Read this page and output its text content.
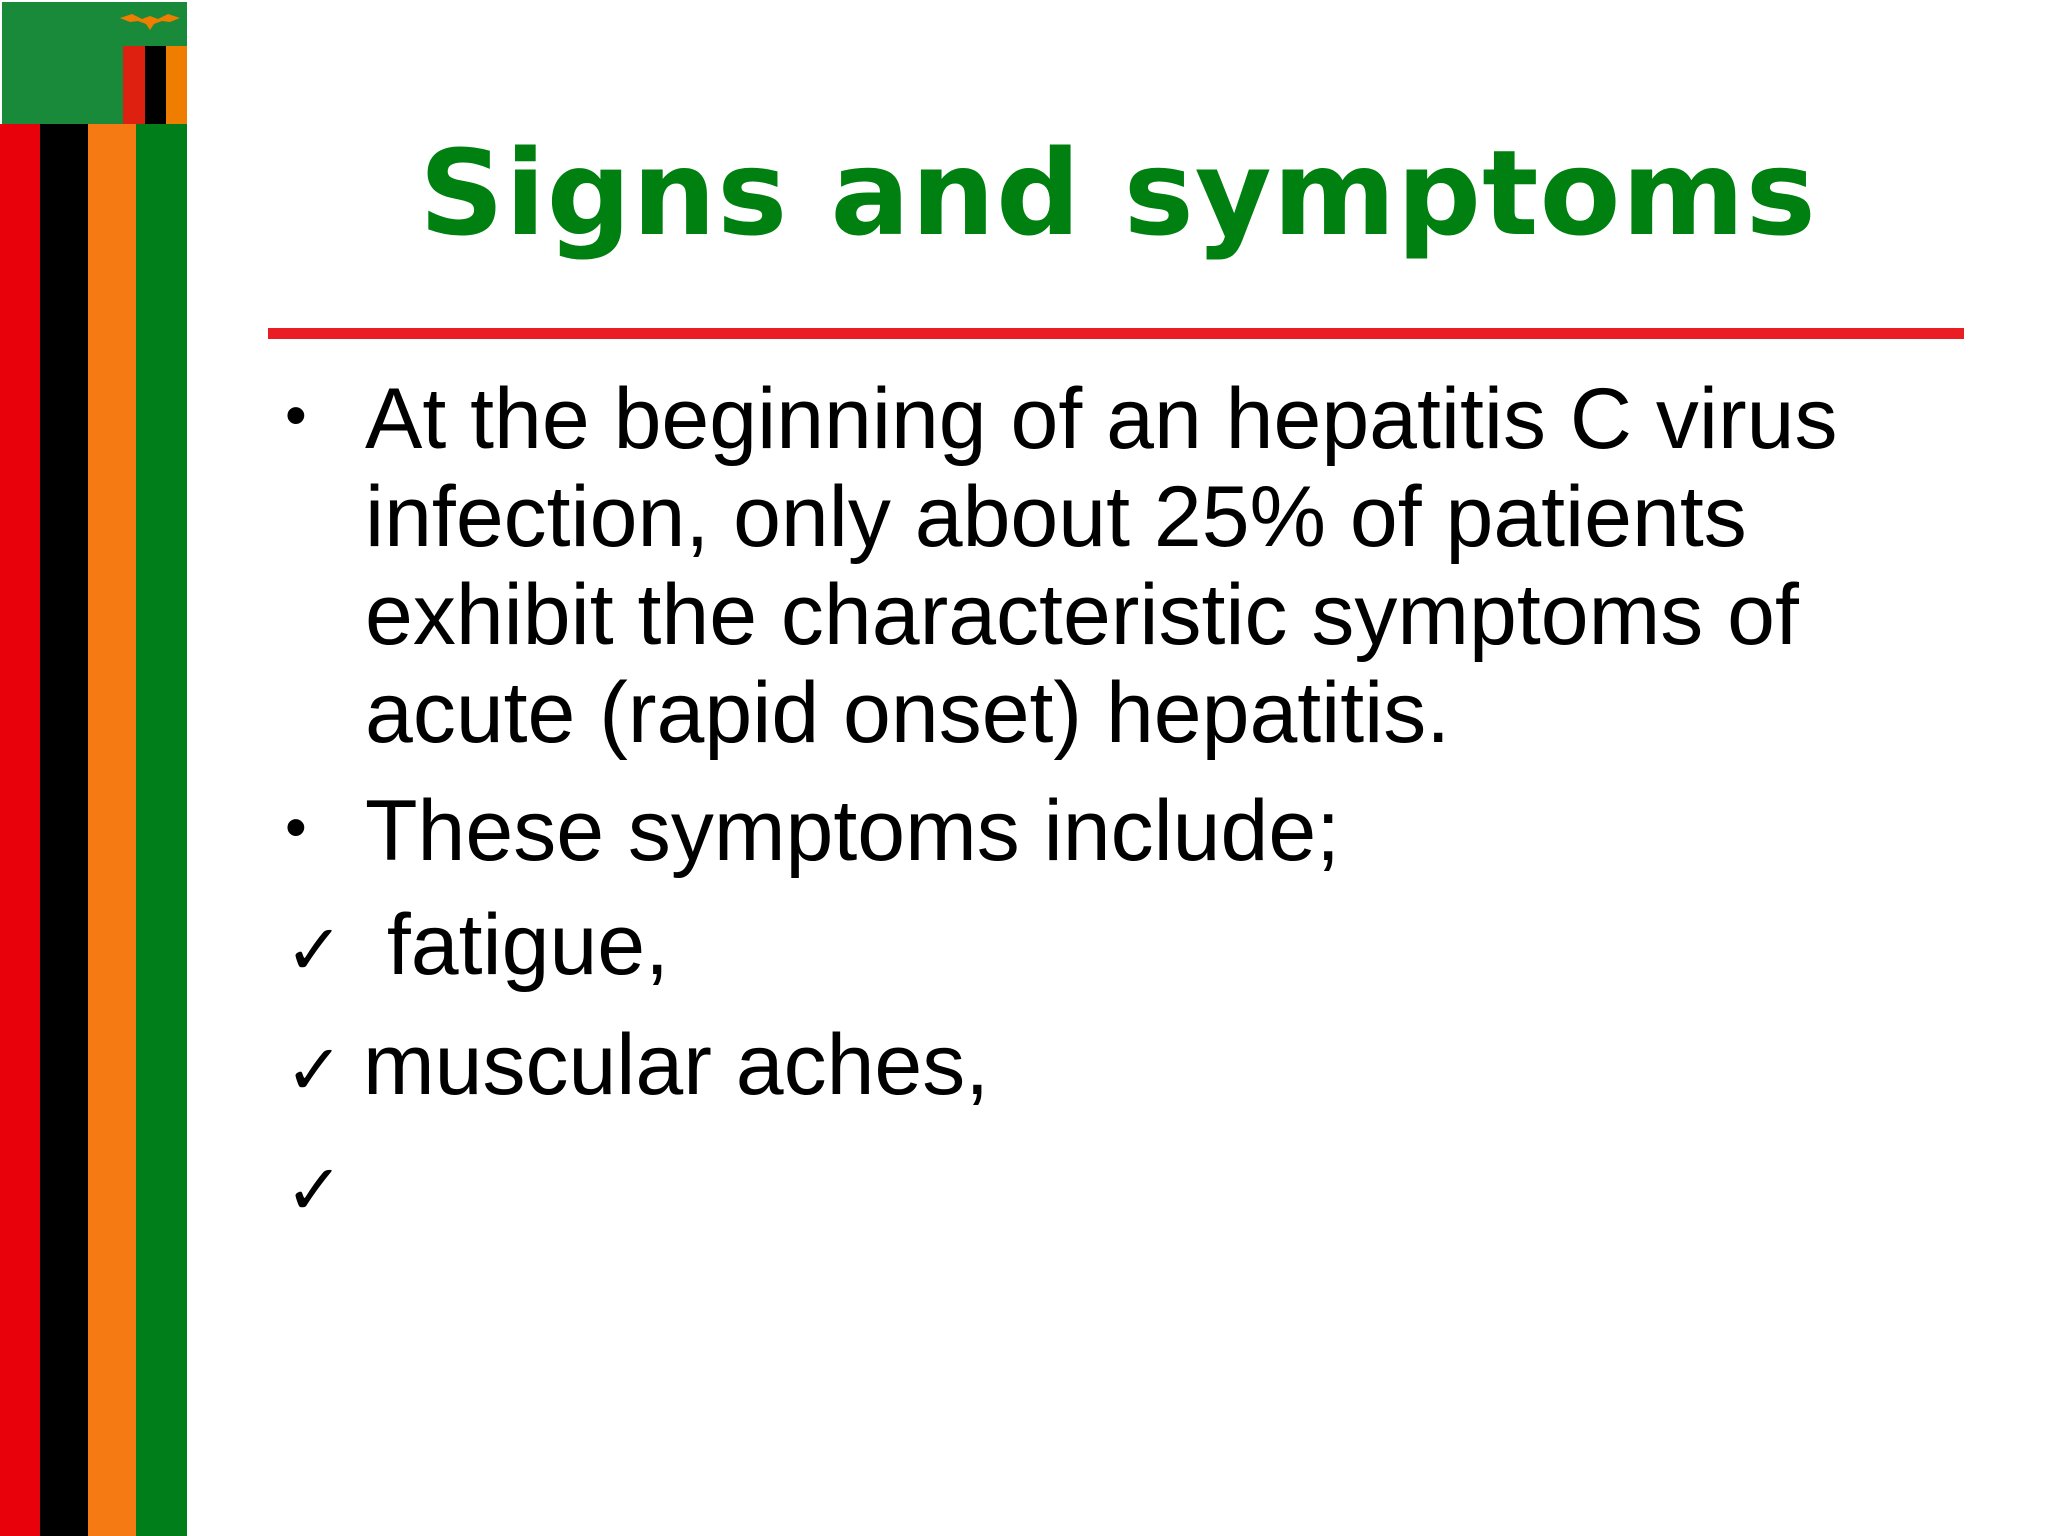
Signs and symptoms
• At the beginning of an hepatitis C virus infection, only about 25% of patients exhibit the characteristic symptoms of acute (rapid onset) hepatitis.
• These symptoms include;
✓ fatigue,
✓ muscular aches,
✓
